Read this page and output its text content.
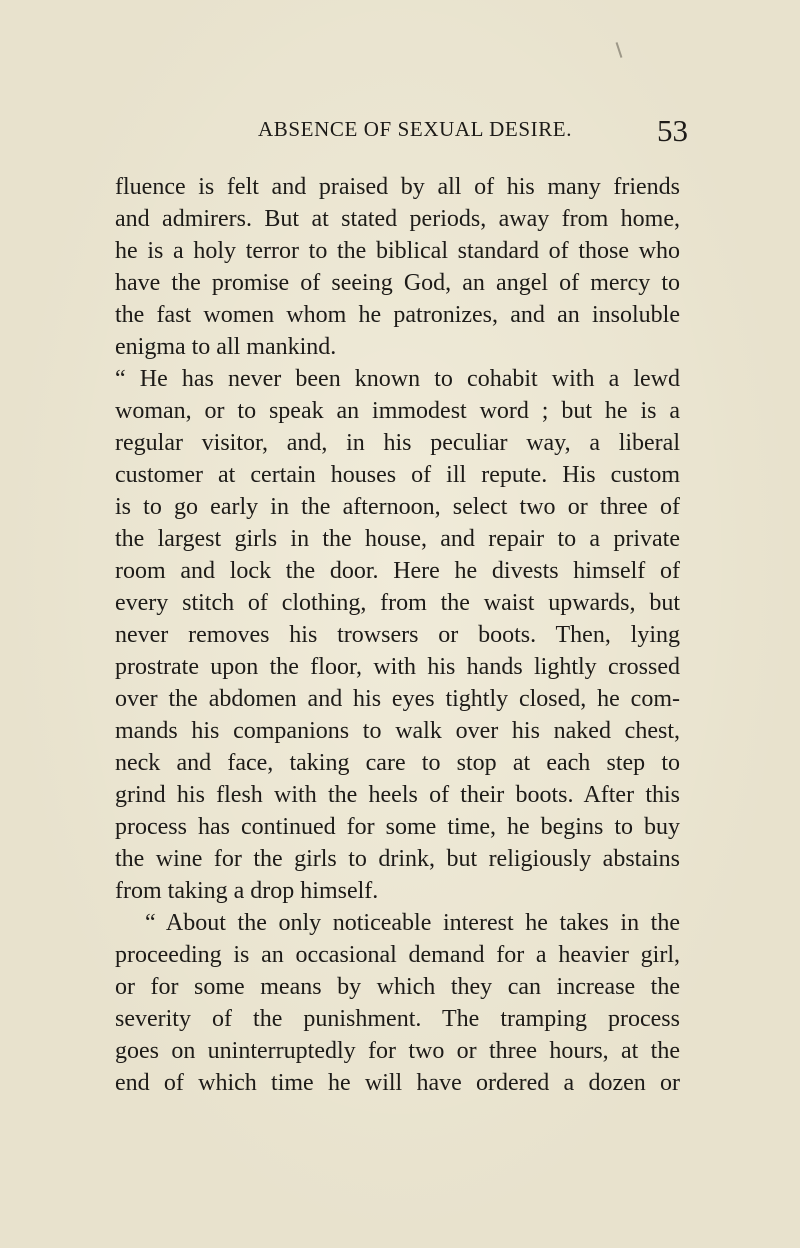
ABSENCE OF SEXUAL DESIRE.	53
fluence is felt and praised by all of his many friends
and admirers. But at stated periods, away from home,
he is a holy terror to the biblical standard of those who
have the promise of seeing God, an angel of mercy to
the fast women whom he patronizes, and an insoluble
enigma to all mankind.
“ He has never been known to cohabit with a lewd
woman, or to speak an immodest word ; but he is a
regular visitor, and, in his peculiar way, a liberal
customer at certain houses of ill repute. His custom
is to go early in the afternoon, select two or three of
the largest girls in the house, and repair to a private
room and lock the door. Here he divests himself of
every stitch of clothing, from the waist upwards, but
never removes his trowsers or boots. Then, lying
prostrate upon the floor, with his hands lightly crossed
over the abdomen and his eyes tightly closed, he com-
mands his companions to walk over his naked chest,
neck and face, taking care to stop at each step to
grind his flesh with the heels of their boots. After this
process has continued for some time, he begins to buy
the wine for the girls to drink, but religiously abstains
from taking a drop himself.
“ About the only noticeable interest he takes in the
proceeding is an occasional demand for a heavier girl,
or for some means by which they can increase the
severity of the punishment. The tramping process
goes on uninterruptedly for two or three hours, at the
end of which time he will have ordered a dozen or
